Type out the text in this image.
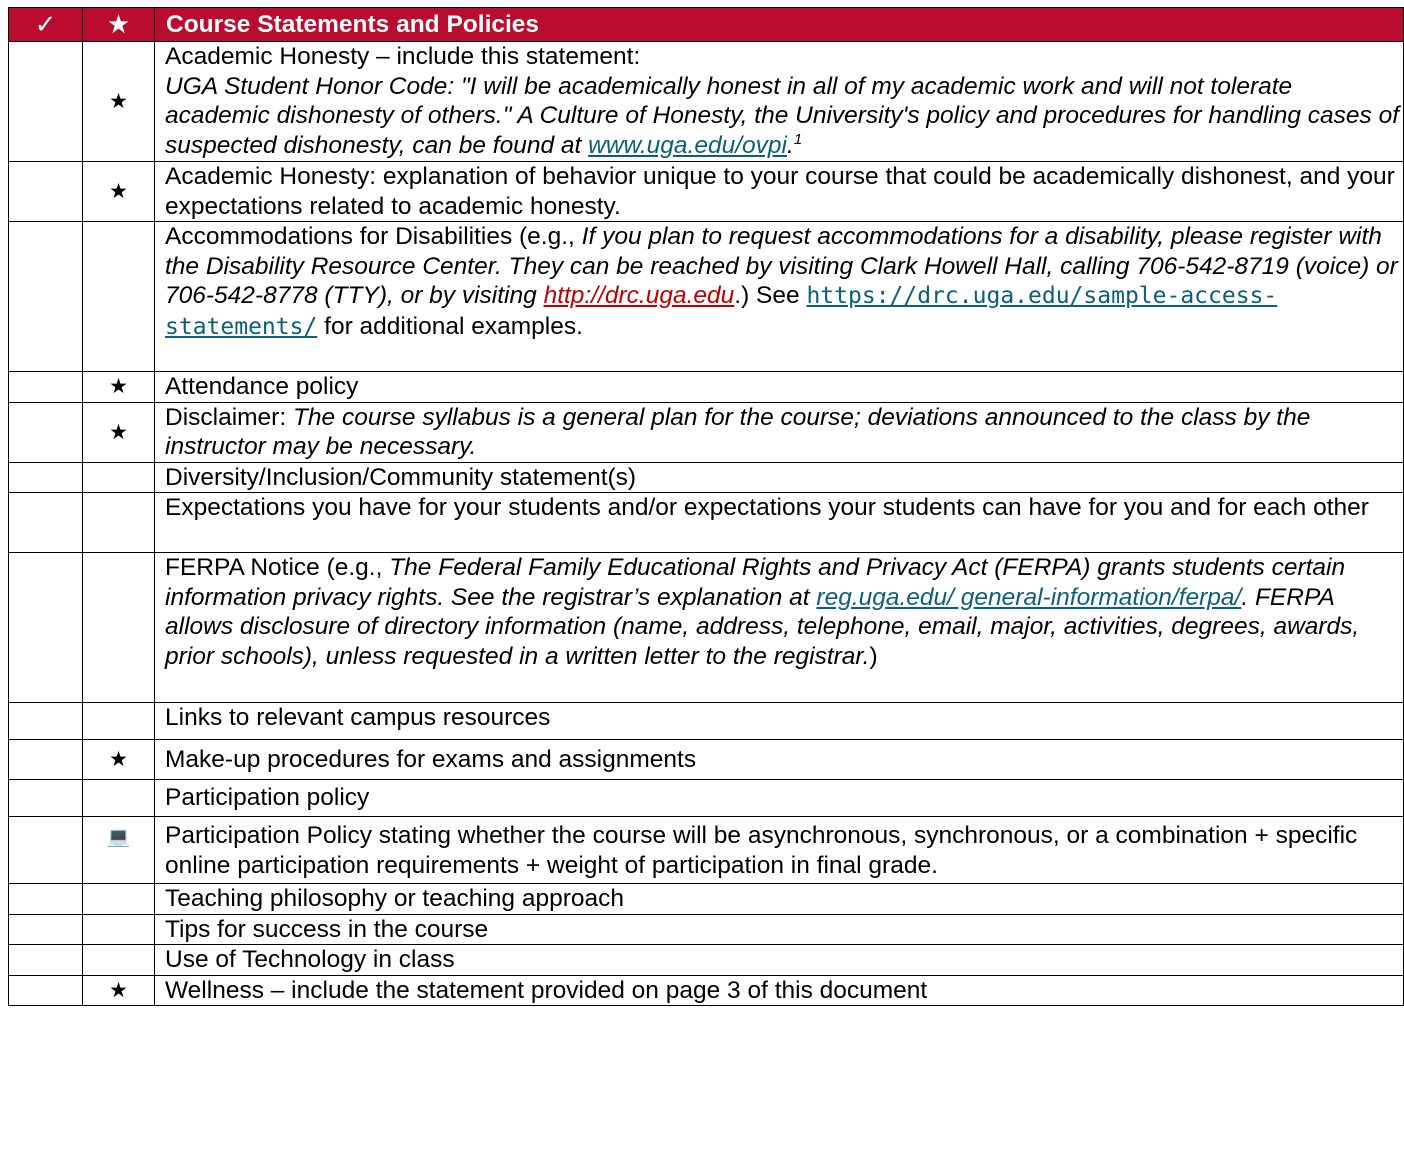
✓	★	Course Statements and Policies
	★	Academic Honesty – include this statement:
UGA Student Honor Code: "I will be academically honest in all of my academic work and will not tolerate academic dishonesty of others." A Culture of Honesty, the University's policy and procedures for handling cases of suspected dishonesty, can be found at www.uga.edu/ovpi.$^1$
	★	Academic Honesty: explanation of behavior unique to your course that could be academically dishonest, and your expectations related to academic honesty.
		Accommodations for Disabilities (e.g., If you plan to request accommodations for a disability, please register with the Disability Resource Center. They can be reached by visiting Clark Howell Hall, calling 706-542-8719 (voice) or 706-542-8778 (TTY), or by visiting http://drc.uga.edu.) See https://drc.uga.edu/sample-access-statements/ for additional examples.
	★	Attendance policy
	★	Disclaimer: The course syllabus is a general plan for the course; deviations announced to the class by the instructor may be necessary.
		Diversity/Inclusion/Community statement(s)
		Expectations you have for your students and/or expectations your students can have for you and for each other
		FERPA Notice (e.g., The Federal Family Educational Rights and Privacy Act (FERPA) grants students certain information privacy rights. See the registrar’s explanation at reg.uga.edu/ general-information/ferpa/. FERPA allows disclosure of directory information (name, address, telephone, email, major, activities, degrees, awards, prior schools), unless requested in a written letter to the registrar.)
		Links to relevant campus resources
	★	Make-up procedures for exams and assignments
		Participation policy
	💻	Participation Policy stating whether the course will be asynchronous, synchronous, or a combination + specific online participation requirements + weight of participation in final grade.
		Teaching philosophy or teaching approach
		Tips for success in the course
		Use of Technology in class
	★	Wellness – include the statement provided on page 3 of this document
